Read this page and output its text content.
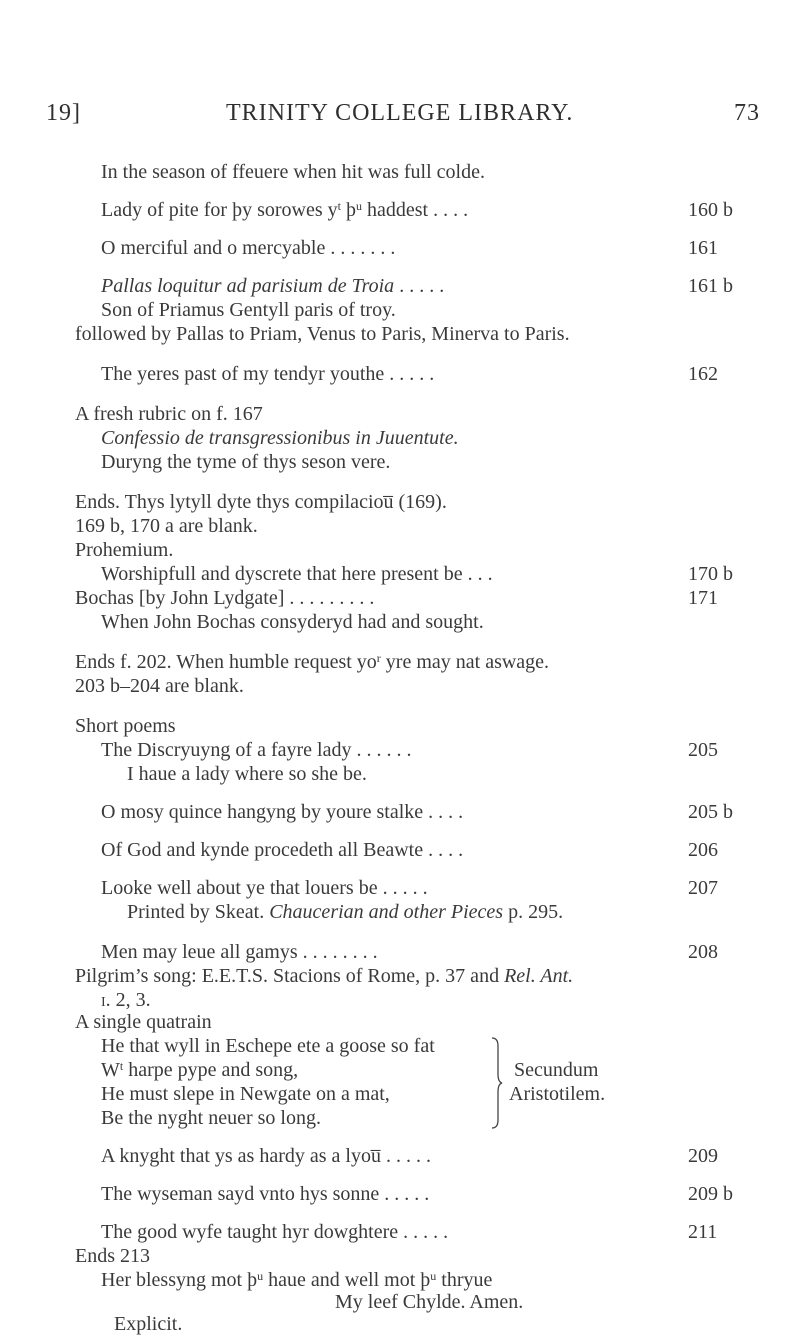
19]	TRINITY COLLEGE LIBRARY.	73
In the season of ffeuere when hit was full colde.
Lady of pite for þy sorowes $y^t$ $þ^u$ haddest . . . .	160 b
O merciful and o mercyable . . . . . . .	161
Pallas loquitur ad parisium de Troia . . . . .	161 b
Son of Priamus Gentyll paris of troy.
followed by Pallas to Priam, Venus to Paris, Minerva to Paris.
The yeres past of my tendyr youthe . . . . .	162
A fresh rubric on f. 167
Confessio de transgressionibus in Juuentute.
Duryng the tyme of thys seson vere.
Ends. Thys lytyll dyte thys compilaciou̅ (169).
169 b, 170 a are blank.
Prohemium.
Worshipfull and dyscrete that here present be . . .	170 b
Bochas [by John Lydgate] . . . . . . . . .	171
When John Bochas consyderyd had and sought.
Ends f. 202. When humble request $yo^r$ yre may nat aswage.
203 b–204 are blank.
Short poems
The Discryuyng of a fayre lady . . . . . .	205
I haue a lady where so she be.
O mosy quince hangyng by youre stalke . . . .	205 b
Of God and kynde procedeth all Beawte . . . .	206
Looke well about ye that louers be . . . . .	207
Printed by Skeat. Chaucerian and other Pieces p. 295.
Men may leue all gamys . . . . . . . .	208
Pilgrim’s song: E.E.T.S. Stacions of Rome, p. 37 and Rel. Ant.
i. 2, 3.
A single quatrain
He that wyll in Eschepe ete a goose so fat
$W^t$ harpe pype and song,
He must slepe in Newgate on a mat,
Be the nyght neuer so long.
Secundum
Aristotilem.
A knyght that ys as hardy as a lyou̅ . . . . .	209
The wyseman sayd vnto hys sonne . . . . .	209 b
The good wyfe taught hyr dowghtere . . . . .	211
Ends 213
Her blessyng mot $þ^u$ haue and well mot $þ^u$ thryue
My leef Chylde. Amen.
Explicit.
